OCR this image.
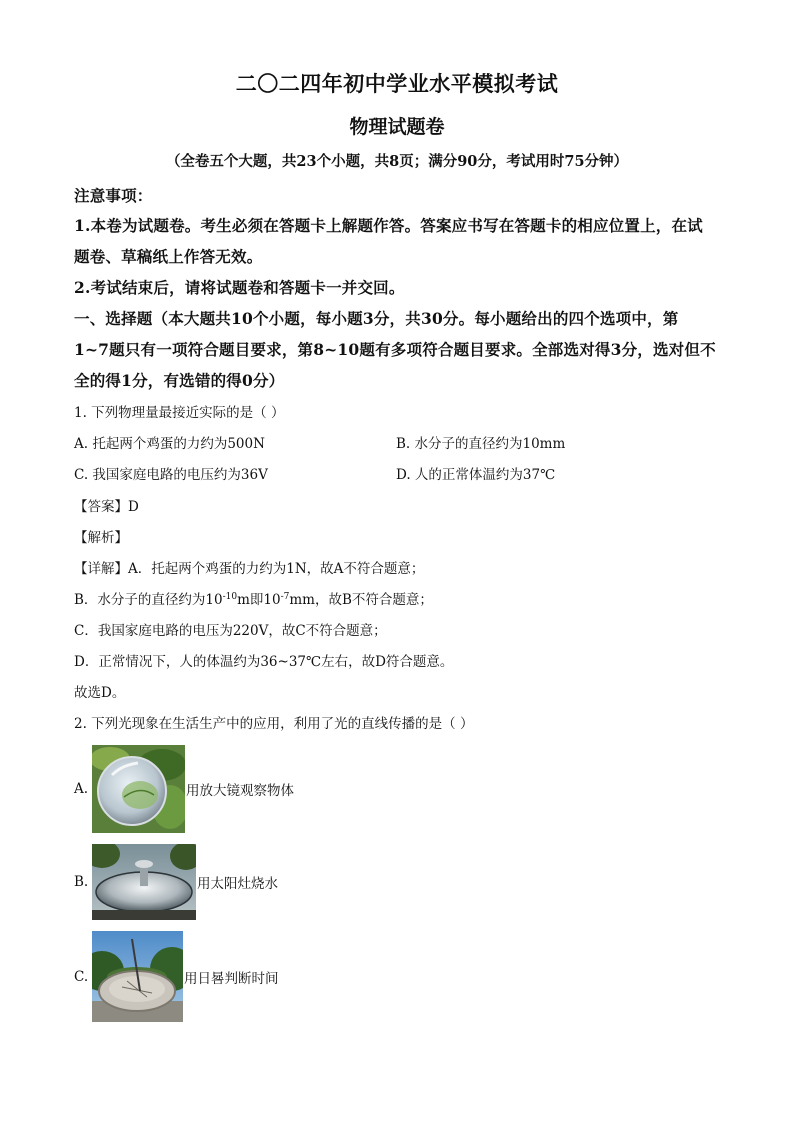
二〇二四年初中学业水平模拟考试
物理试题卷
（全卷五个大题，共23个小题，共8页；满分90分，考试用时75分钟）
注意事项：
1.本卷为试题卷。考生必须在答题卡上解题作答。答案应书写在答题卡的相应位置上，在试
题卷、草稿纸上作答无效。
2.考试结束后，请将试题卷和答题卡一并交回。
一、选择题（本大题共10个小题，每小题3分，共30分。每小题给出的四个选项中，第
1~7题只有一项符合题目要求，第8~10题有多项符合题目要求。全部选对得3分，选对但不
全的得1分，有选错的得0分）
1. 下列物理量最接近实际的是（ ）
A. 托起两个鸡蛋的力约为500N	B. 水分子的直径约为10mm
C. 我国家庭电路的电压约为36V	D. 人的正常体温约为37℃
【答案】D
【解析】
【详解】A．托起两个鸡蛋的力约为1N，故A不符合题意；
B．水分子的直径约为$10^{-10}m$即$10^{-7}mm$，故B不符合题意；
C．我国家庭电路的电压为220V，故C不符合题意；
D．正常情况下，人的体温约为36~37℃左右，故D符合题意。
故选D。
2. 下列光现象在生活生产中的应用，利用了光的直线传播的是（ ）
A.	用放大镜观察物体
B.	用太阳灶烧水
C.	用日晷判断时间
